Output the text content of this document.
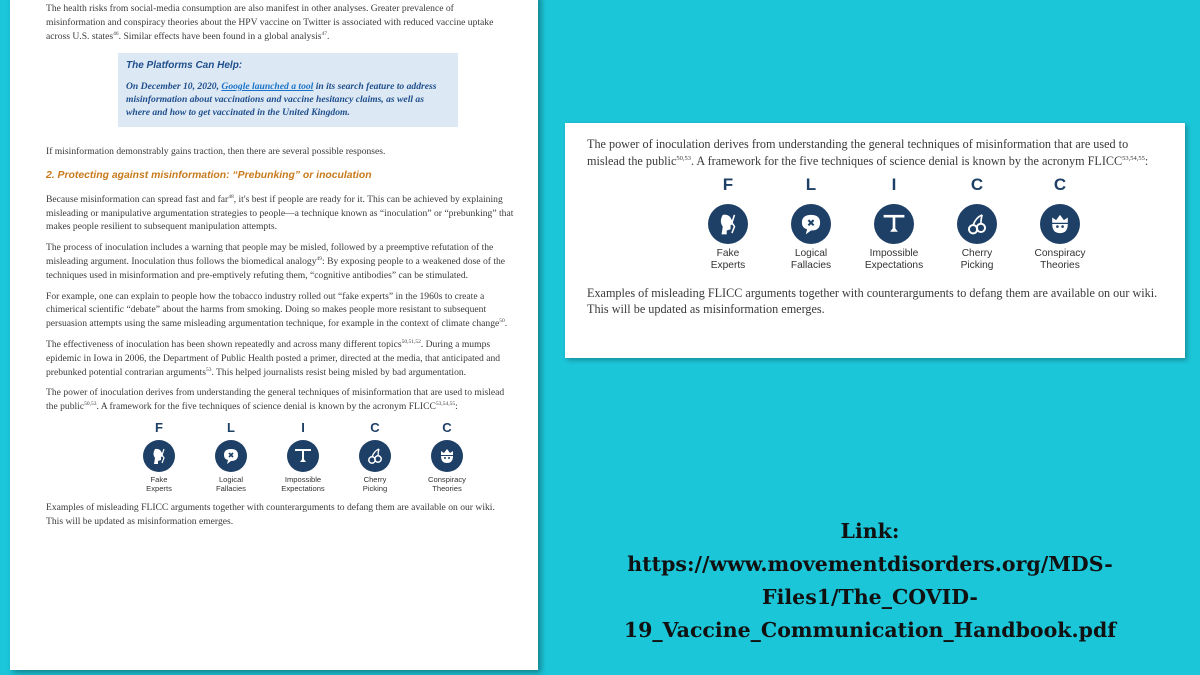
The health risks from social-media consumption are also manifest in other analyses. Greater prevalence of misinformation and conspiracy theories about the HPV vaccine on Twitter is associated with reduced vaccine uptake across U.S. states$^{46}$. Similar effects have been found in a global analysis$^{47}$.

The Platforms Can Help:
On December 10, 2020, Google launched a tool in its search feature to address misinformation about vaccinations and vaccine hesitancy claims, as well as where and how to get vaccinated in the United Kingdom.

If misinformation demonstrably gains traction, then there are several possible responses.

2. Protecting against misinformation: “Prebunking” or inoculation

Because misinformation can spread fast and far$^{48}$, it's best if people are ready for it. This can be achieved by explaining misleading or manipulative argumentation strategies to people—a technique known as “inoculation” or “prebunking” that makes people resilient to subsequent manipulation attempts.

The process of inoculation includes a warning that people may be misled, followed by a preemptive refutation of the misleading argument. Inoculation thus follows the biomedical analogy$^{49}$: By exposing people to a weakened dose of the techniques used in misinformation and pre-emptively refuting them, “cognitive antibodies” can be stimulated.

For example, one can explain to people how the tobacco industry rolled out “fake experts” in the 1960s to create a chimerical scientific “debate” about the harms from smoking. Doing so makes people more resistant to subsequent persuasion attempts using the same misleading argumentation technique, for example in the context of climate change$^{50}$.

The effectiveness of inoculation has been shown repeatedly and across many different topics$^{50,51,52}$. During a mumps epidemic in Iowa in 2006, the Department of Public Health posted a primer, directed at the media, that anticipated and prebunked potential contrarian arguments$^{53}$. This helped journalists resist being misled by bad argumentation.

The power of inoculation derives from understanding the general techniques of misinformation that are used to mislead the public$^{50,53}$. A framework for the five techniques of science denial is known by the acronym FLICC$^{53,54,55}$:

F
Fake
Experts
L
Logical
Fallacies
I
Impossible
Expectations
C
Cherry
Picking
C
Conspiracy
Theories

Examples of misleading FLICC arguments together with counterarguments to defang them are available on our wiki. This will be updated as misinformation emerges.

The power of inoculation derives from understanding the general techniques of misinformation that are used to mislead the public$^{50,53}$. A framework for the five techniques of science denial is known by the acronym FLICC$^{53,54,55}$:

F
Fake
Experts
L
Logical
Fallacies
I
Impossible
Expectations
C
Cherry
Picking
C
Conspiracy
Theories

Examples of misleading FLICC arguments together with counterarguments to defang them are available on our wiki. This will be updated as misinformation emerges.

Link:
https://www.movementdisorders.org/MDS-
Files1/The_COVID-
19_Vaccine_Communication_Handbook.pdf
